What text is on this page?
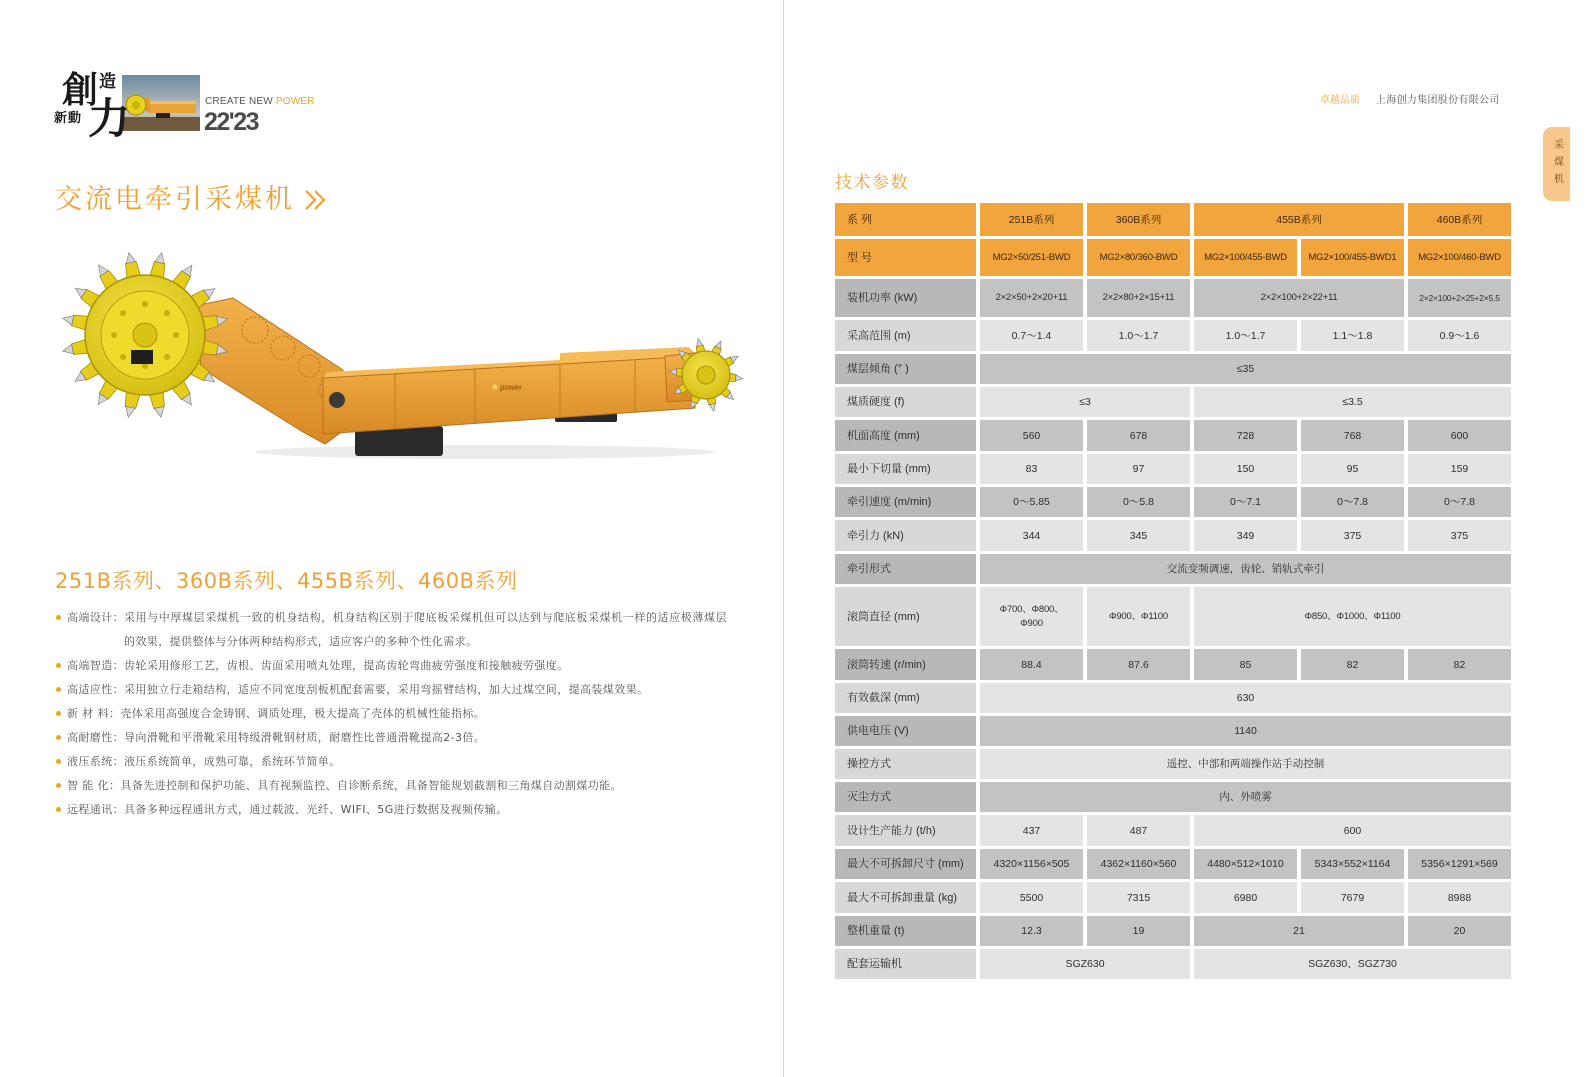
創 造
新動 力	CREATE NEW POWER
22'23
交流电牵引采煤机
power
251B系列、360B系列、455B系列、460B系列
高端设计： 采用与中厚煤层采煤机一致的机身结构，机身结构区别于爬底板采煤机但可以达到与爬底板采煤机一样的适应极薄煤层的效果，提供整体与分体两种结构形式，适应客户的多种个性化需求。
高端智造： 齿轮采用修形工艺，齿根、齿面采用喷丸处理，提高齿轮弯曲疲劳强度和接触疲劳强度。
高适应性： 采用独立行走箱结构，适应不同宽度刮板机配套需要，采用弯摇臂结构，加大过煤空间，提高装煤效果。
新 材 料： 壳体采用高强度合金铸钢、调质处理，极大提高了壳体的机械性能指标。
高耐磨性： 导向滑靴和平滑靴采用特级滑靴钢材质，耐磨性比普通滑靴提高2-3倍。
液压系统： 液压系统简单，成熟可靠，系统环节简单。
智 能 化： 具备先进控制和保护功能、具有视频监控、自诊断系统，具备智能规划截割和三角煤自动割煤功能。
远程通讯： 具备多种远程通讯方式，通过载波、光纤、WIFI、5G进行数据及视频传输。
卓越品质 上海创力集团股份有限公司
采煤机
技术参数
系 列	251B系列	360B系列	455B系列		460B系列
型 号	MG2×50/251-BWD	MG2×80/360-BWD	MG2×100/455-BWD	MG2×100/455-BWD1	MG2×100/460-BWD
装机功率 (kW)	2×2×50+2×20+11	2×2×80+2×15+11	2×2×100+2×22+11		2×2×100+2×25+2×5.5
采高范围 (m)	0.7～1.4	1.0～1.7	1.0～1.7	1.1～1.8	0.9～1.6
煤层倾角 (° )	≤35				
煤质硬度 (f)	≤3		≤3.5		
机面高度 (mm)	560	678	728	768	600
最小下切量 (mm)	83	97	150	95	159
牵引速度 (m/min)	0～5.85	0～5.8	0～7.1	0～7.8	0～7.8
牵引力 (kN)	344	345	349	375	375
牵引形式	交流变频调速，齿轮、销轨式牵引				
滚筒直径 (mm)	Φ700、Φ800、Φ900	Φ900、Φ1100	Φ850、Φ1000、Φ1100		
滚筒转速 (r/min)	88.4	87.6	85	82	82
有效截深 (mm)	630				
供电电压 (V)	1140				
操控方式	遥控、中部和两端操作站手动控制				
灭尘方式	内、外喷雾				
设计生产能力 (t/h)	437	487	600		
最大不可拆卸尺寸 (mm)	4320×1156×505	4362×1160×560	4480×512×1010	5343×552×1164	5356×1291×569
最大不可拆卸重量 (kg)	5500	7315	6980	7679	8988
整机重量 (t)	12.3	19	21		20
配套运输机	SGZ630		SGZ630、SGZ730		
